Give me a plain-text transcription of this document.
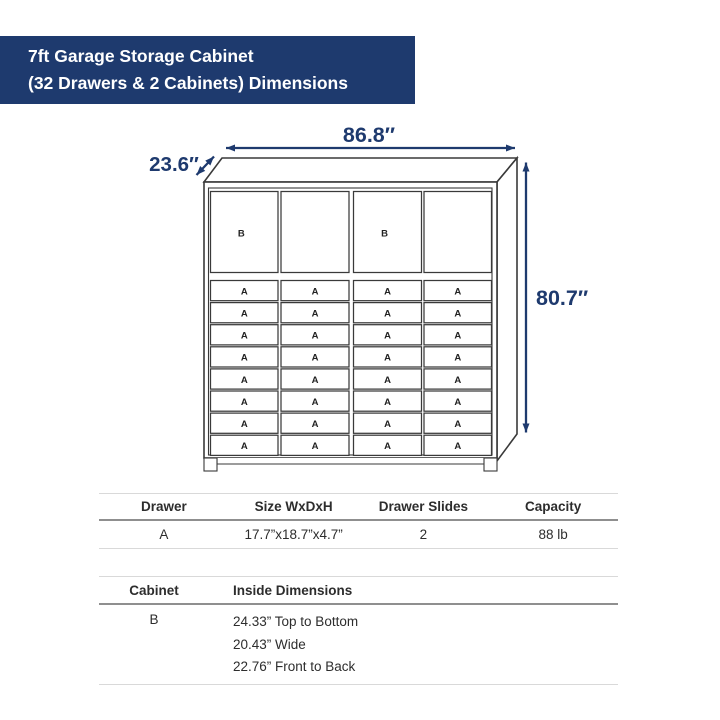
7ft Garage Storage Cabinet
(32 Drawers & 2 Cabinets) Dimensions
B	B
A	A	A	A
A	A	A	A
A	A	A	A
A	A	A	A
A	A	A	A
A	A	A	A
A	A	A	A
A	A	A	A
86.8″
23.6″
80.7″
Drawer	Size WxDxH	Drawer Slides	Capacity
A	17.7”x18.7”x4.7”	2	88 lb
Cabinet	Inside Dimensions
B	24.33” Top to Bottom
20.43” Wide
22.76” Front to Back
